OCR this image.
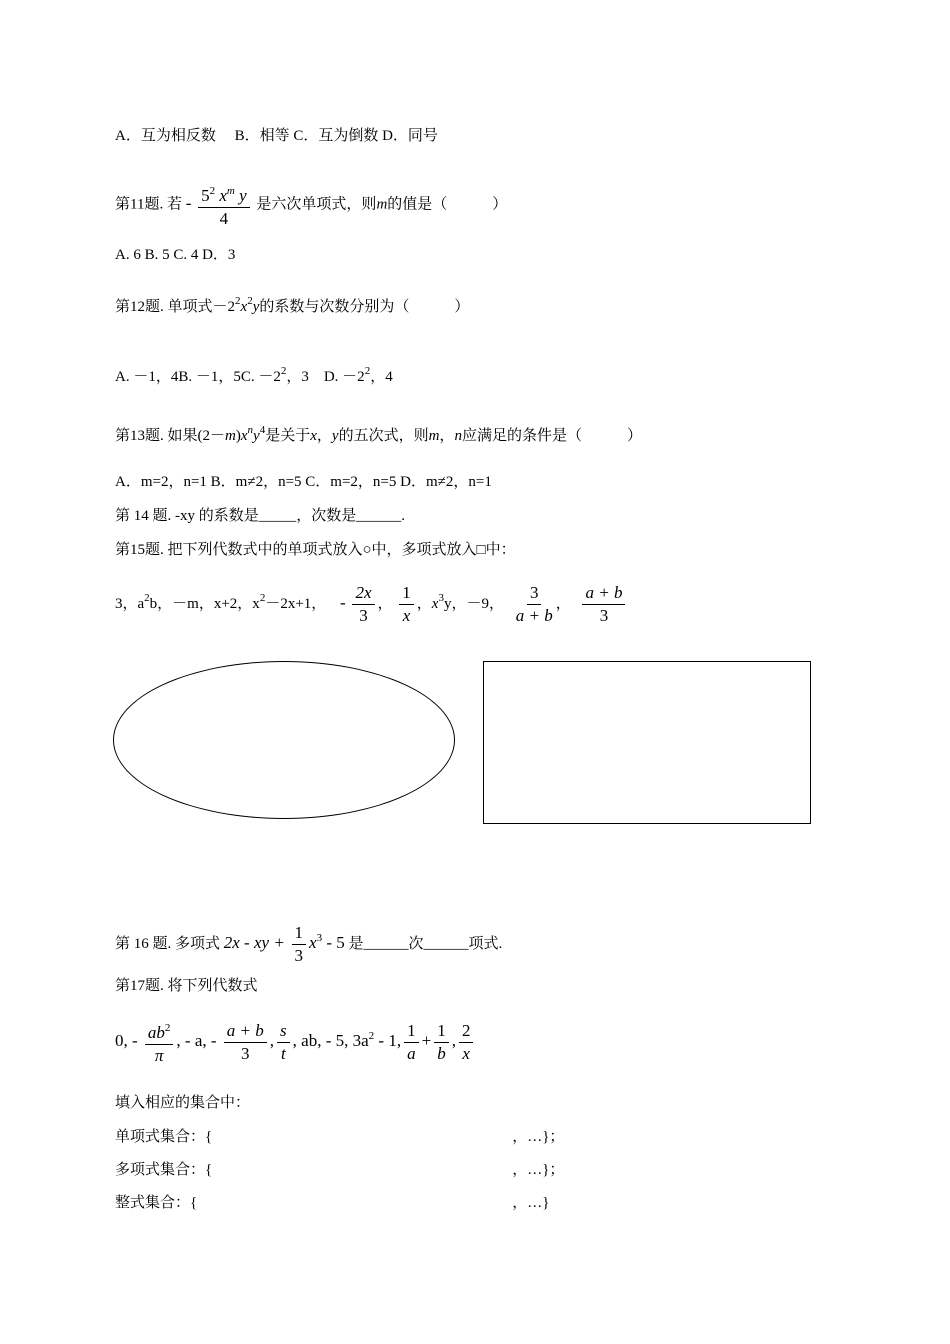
A．互为相反数　 B．相等 C．互为倒数 D．同号
第11题. 若 - $\frac{5^2 x^m y}{4}$ 是六次单项式，则m的值是（　　　）
A. 6 B. 5 C. 4 D．3
第12题. 单项式$-2^2x^2y$的系数与次数分别为（　　　）
A. －1，4B. －1，5C. $-2^2$，3　D. $-2^2$，4
第13题. 如果$(2-m)x^ny^4$是关于x，y的五次式，则m，n应满足的条件是（　　　）
A．m=2，n=1 B．m≠2，n=5 C．m=2，n=5 D．m≠2，n=1
第 14 题. -xy 的系数是_____，次数是______.
第15题. 把下列代数式中的单项式放入○中，多项式放入□中：
3，$a^2b$，－m，x+2，$x^2-2x+1$， - $\frac{2x}{3}$ ， $\frac{1}{x}$ ，$x^3y$，－9， $\frac{3}{a + b}$ ， $\frac{a + b}{3}$
第 16 题. 多项式 2x - xy + $\frac{1}{3} x^3 - 5$ 是______次______项式.
第17题. 将下列代数式
0, - $\frac{ab^2}{\pi}$ , - a, - $\frac{a + b}{3}$ , $\frac{s}{t}$ , ab, - 5, $3a^2 - 1$, $\frac{1}{a} + \frac{1}{b}$ , $\frac{2}{x}$
填入相应的集合中：
单项式集合：{　　　　　　　　　　　　　　　　　　　　，…}；
多项式集合：{　　　　　　　　　　　　　　　　　　　　，…}；
整式集合：{　　　　　　　　　　　　　　　　　　　　　，…}
